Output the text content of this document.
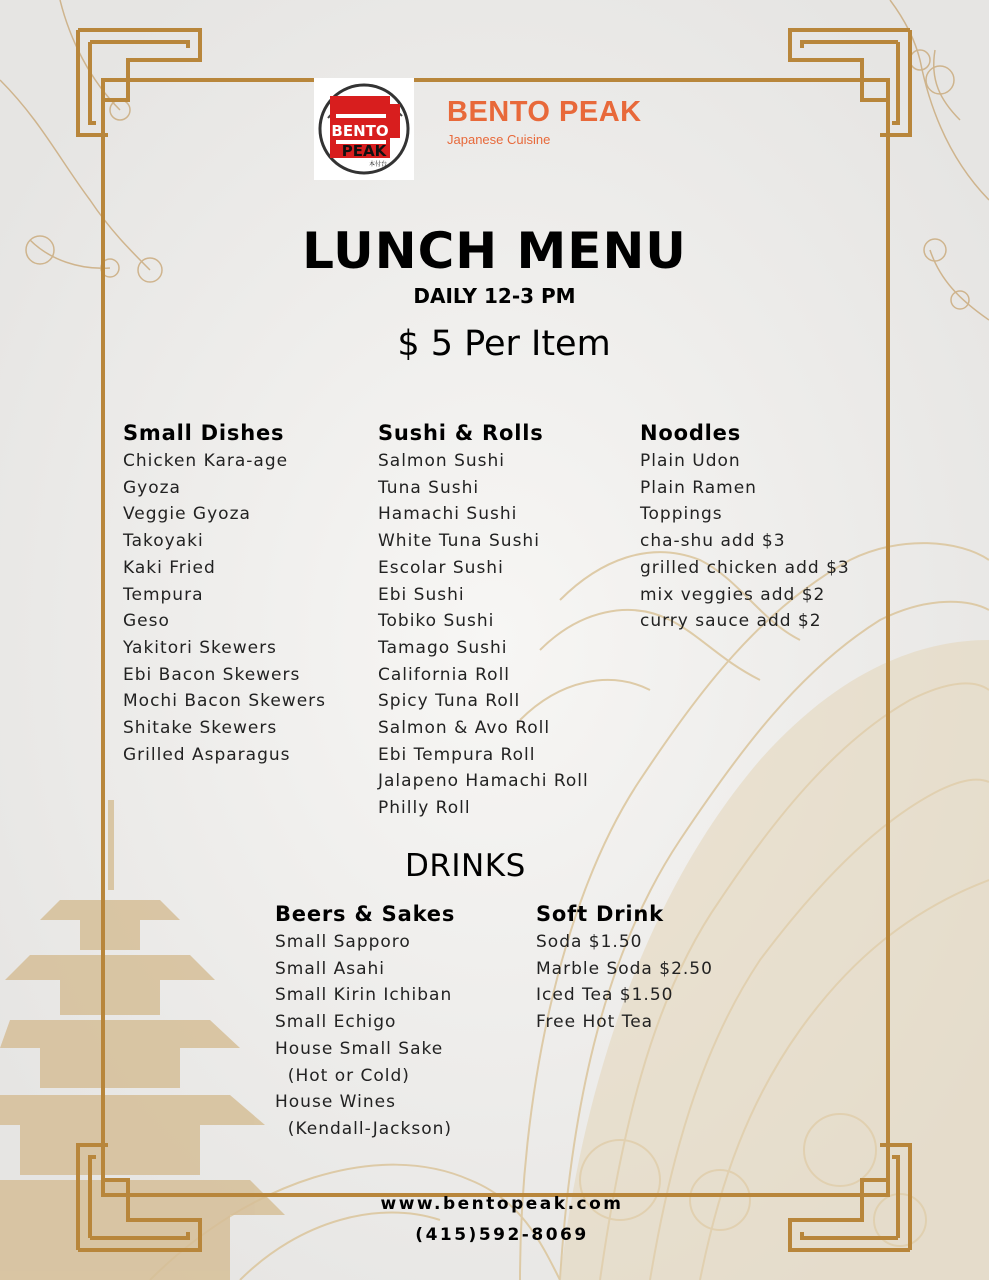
BENTO
PEAK
本付台
BENTO PEAK
Japanese Cuisine
LUNCH MENU
DAILY 12-3 PM
$ 5 Per Item
Small Dishes
Chicken Kara-age
Gyoza
Veggie Gyoza
Takoyaki
Kaki Fried
Tempura
Geso
Yakitori Skewers
Ebi Bacon Skewers
Mochi Bacon Skewers
Shitake Skewers
Grilled Asparagus
Sushi & Rolls
Salmon Sushi
Tuna Sushi
Hamachi Sushi
White Tuna Sushi
Escolar Sushi
Ebi Sushi
Tobiko Sushi
Tamago Sushi
California Roll
Spicy Tuna Roll
Salmon & Avo Roll
Ebi Tempura Roll
Jalapeno Hamachi Roll
Philly Roll
Noodles
Plain Udon
Plain Ramen
Toppings
cha-shu add $3
grilled chicken add $3
mix veggies add $2
curry sauce add $2
DRINKS
Beers & Sakes
Small Sapporo
Small Asahi
Small Kirin Ichiban
Small Echigo
House Small Sake
(Hot or Cold)
House Wines
(Kendall-Jackson)
Soft Drink
Soda $1.50
Marble Soda $2.50
Iced Tea $1.50
Free Hot Tea
www.bentopeak.com
(415)592-8069
